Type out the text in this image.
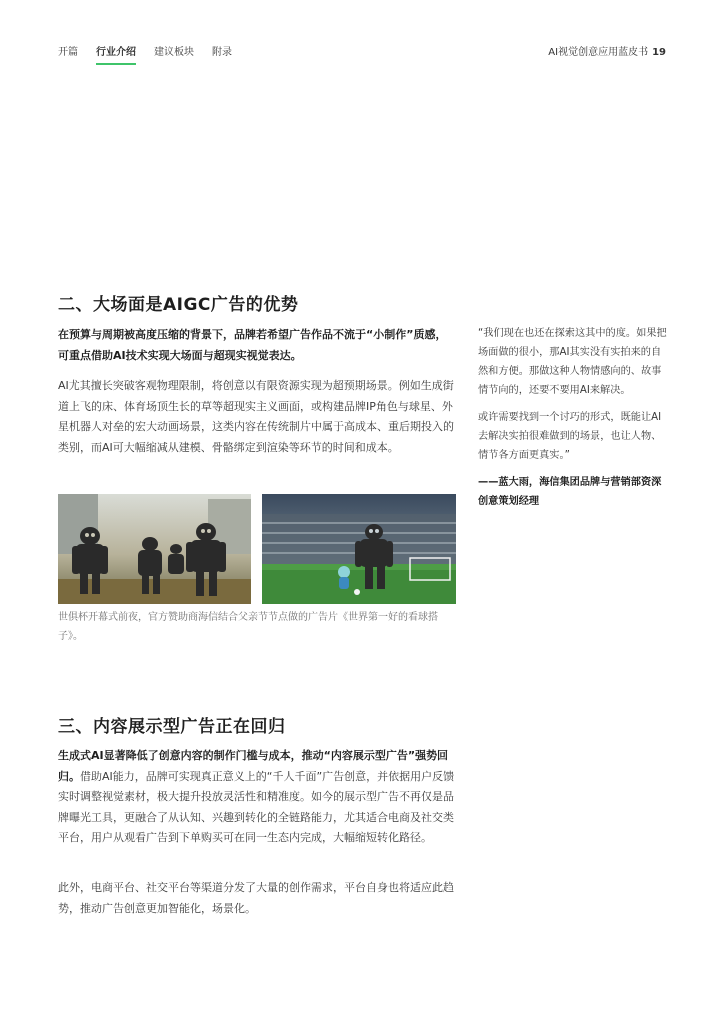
开篇 行业介绍 建议板块 附录	AI视觉创意应用蓝皮书 19
二、大场面是AIGC广告的优势
在预算与周期被高度压缩的背景下，品牌若希望广告作品不流于“小制作”质感，可重点借助AI技术实现大场面与超现实视觉表达。
AI尤其擅长突破客观物理限制，将创意以有限资源实现为超预期场景。例如生成街道上飞的床、体育场顶生长的草等超现实主义画面，或构建品牌IP角色与球星、外星机器人对垒的宏大动画场景，这类内容在传统制片中属于高成本、重后期投入的类别，而AI可大幅缩减从建模、骨骼绑定到渲染等环节的时间和成本。

“我们现在也还在探索这其中的度。如果把场面做的很小，那AI其实没有实拍来的自然和方便。那做这种人物情感向的、故事情节向的，还要不要用AI来解决。

或许需要找到一个讨巧的形式，既能让AI去解决实拍很难做到的场景，也让人物、情节各方面更真实。”

——蓝大雨，海信集团品牌与营销部资深创意策划经理
世俱杯开幕式前夜，官方赞助商海信结合父亲节节点做的广告片《世界第一好的看球搭子》。
三、内容展示型广告正在回归
生成式AI显著降低了创意内容的制作门槛与成本，推动“内容展示型广告”强势回归。借助AI能力，品牌可实现真正意义上的“千人千面”广告创意，并依据用户反馈实时调整视觉素材，极大提升投放灵活性和精准度。如今的展示型广告不再仅是品牌曝光工具，更融合了从认知、兴趣到转化的全链路能力，尤其适合电商及社交类平台，用户从观看广告到下单购买可在同一生态内完成，大幅缩短转化路径。
此外，电商平台、社交平台等渠道分发了大量的创作需求，平台自身也将适应此趋势，推动广告创意更加智能化，场景化。
